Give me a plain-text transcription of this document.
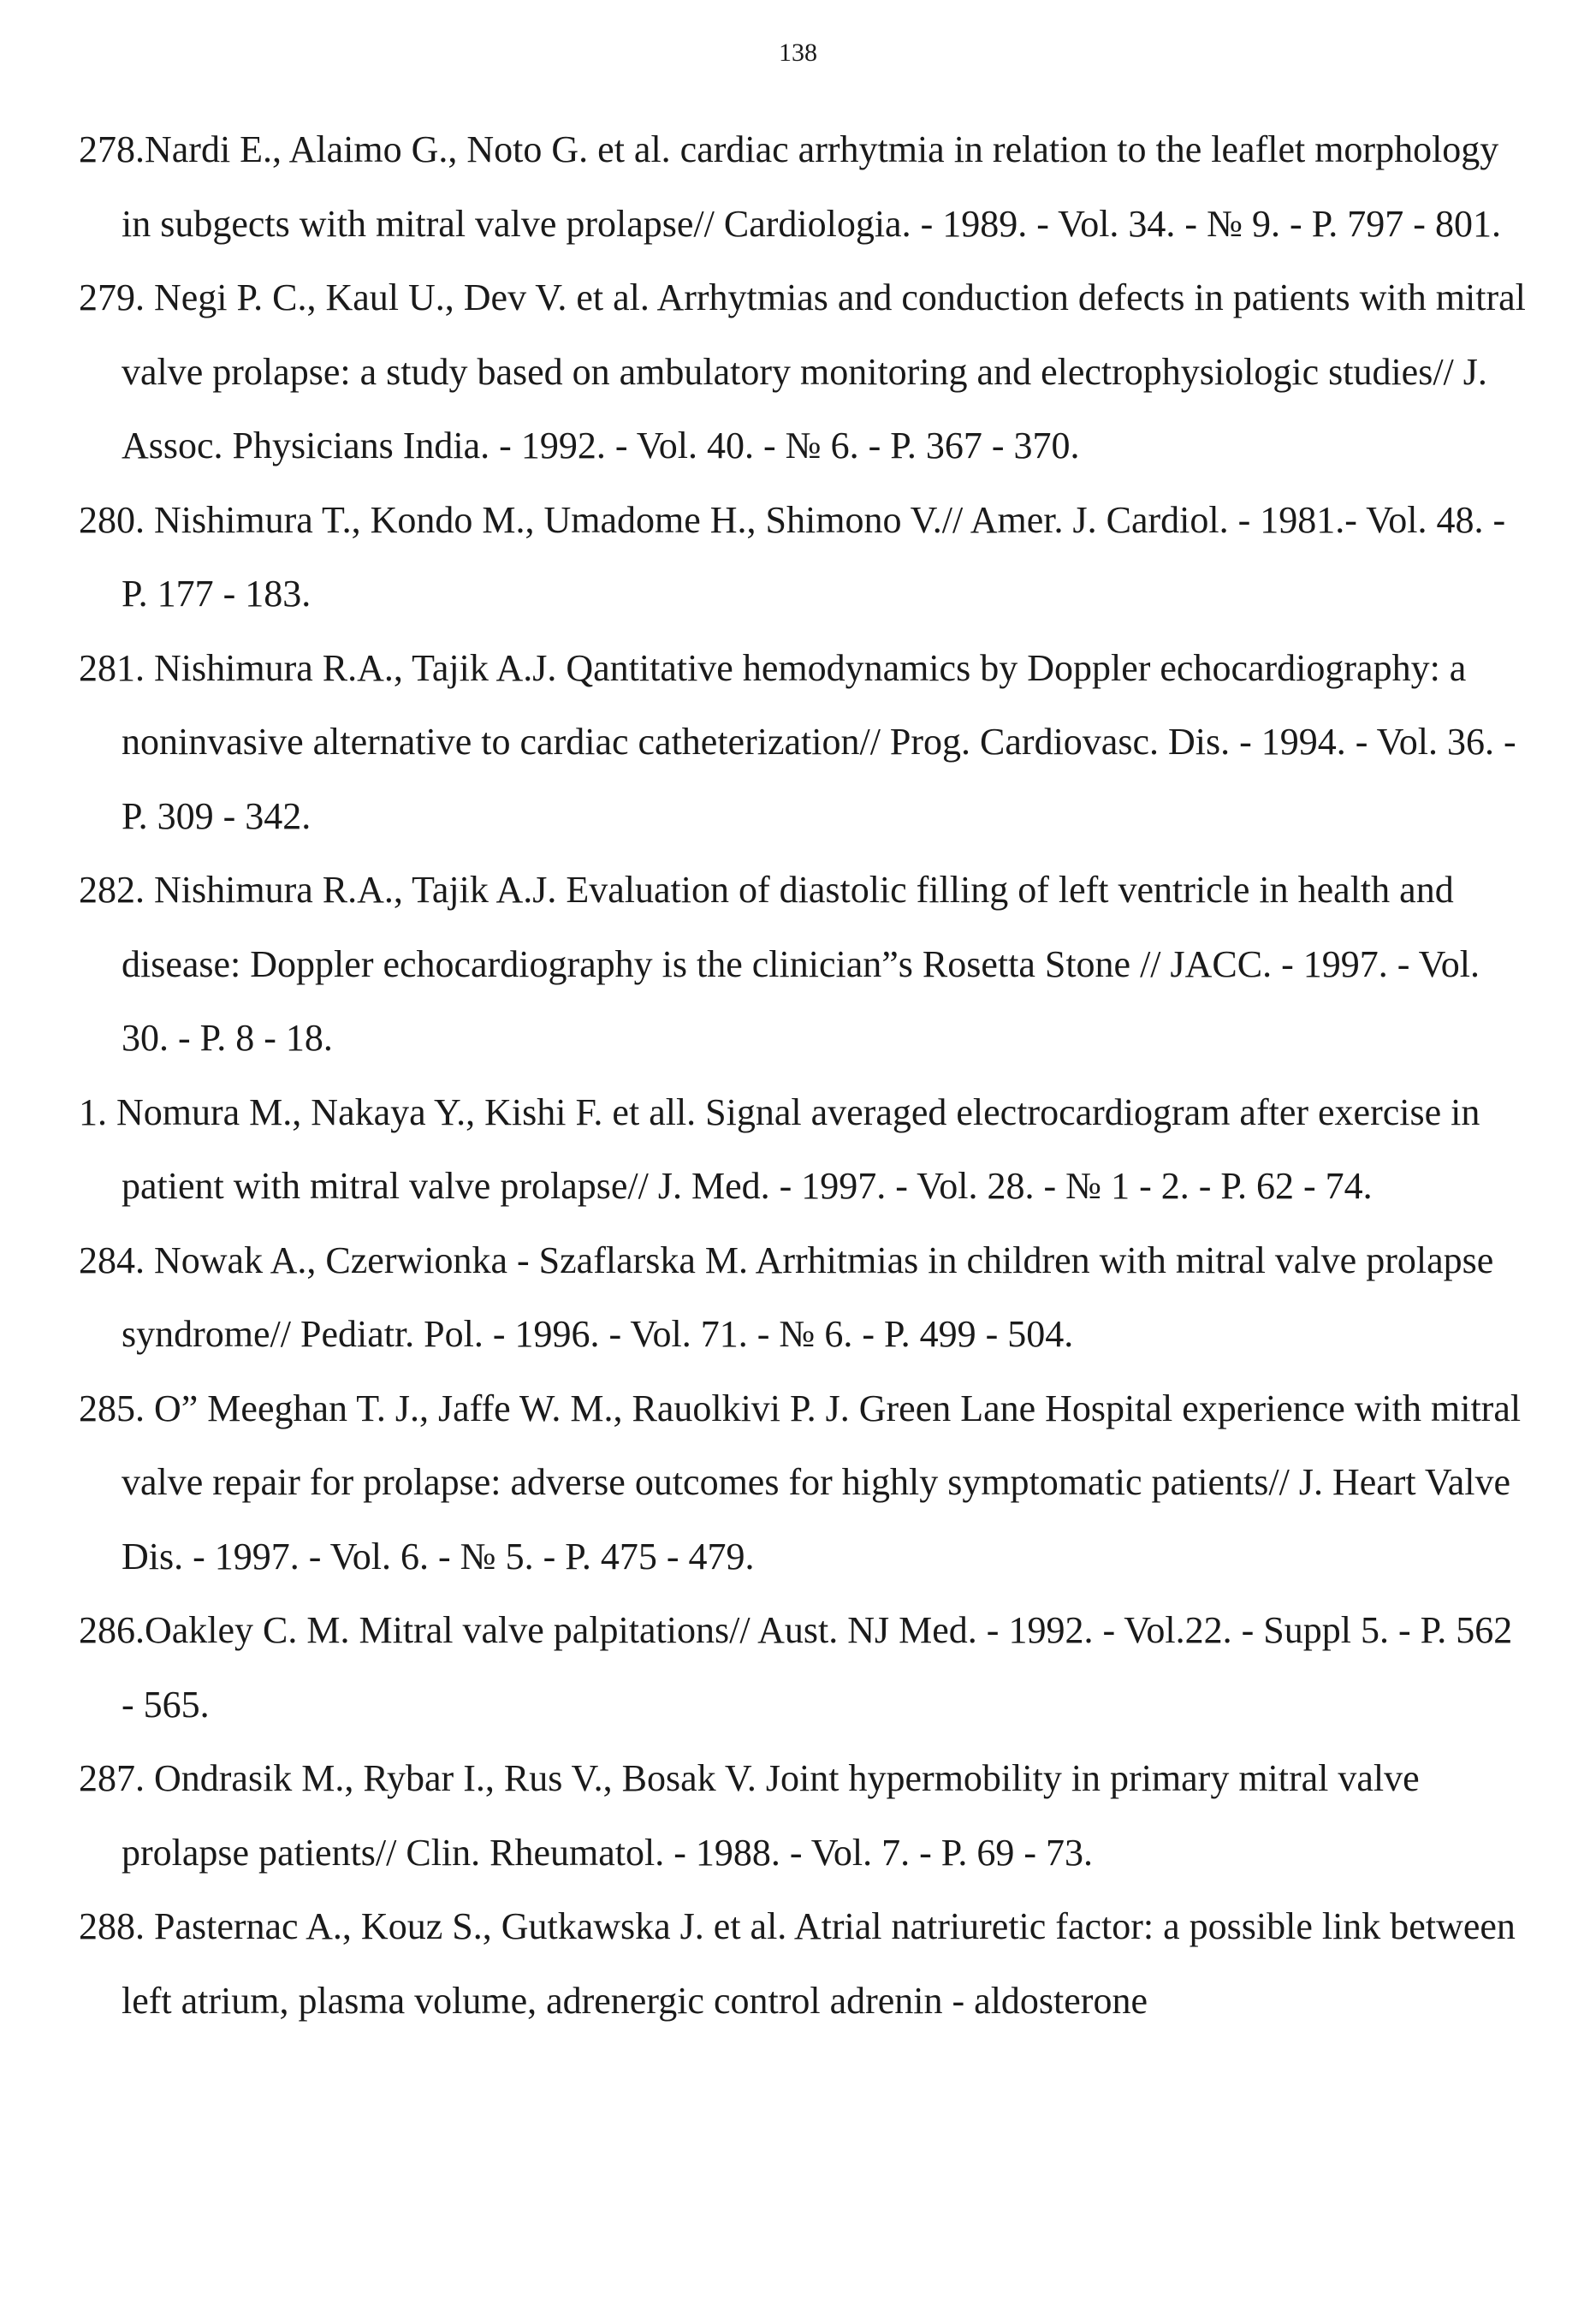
138
278.Nardi E., Alaimo G., Noto G. et al. cardiac arrhytmia in relation to the leaflet morphology in subgects with mitral valve prolapse// Cardiologia. - 1989. - Vol. 34. - № 9. - P. 797 - 801.
279. Negi P. C., Kaul U., Dev V. et al. Arrhytmias and conduction defects in patients with mitral valve prolapse: a study based on ambulatory monitoring and electrophysiologic studies// J. Assoc. Physicians India. - 1992. - Vol. 40. - № 6. - P. 367 - 370.
280. Nishimura T., Kondo M., Umadome H., Shimono V.// Amer. J. Cardiol. - 1981.- Vol. 48. - P. 177 - 183.
281. Nishimura R.A., Tajik A.J. Qantitative hemodynamics by Doppler echocardiography: a noninvasive alternative to cardiac catheterization// Prog. Cardiovasc. Dis. - 1994. - Vol. 36. - P. 309 - 342.
282. Nishimura R.A., Tajik A.J. Evaluation of diastolic filling of left ventricle in health and disease: Doppler echocardiography is the clinician”s Rosetta Stone // JACC. - 1997. - Vol. 30. - P. 8 - 18.
1. Nomura M., Nakaya Y., Kishi F. et all. Signal averaged electrocardiogram after exercise in patient with mitral valve prolapse// J. Med. - 1997. - Vol. 28. - № 1 - 2. - P. 62 - 74.
284. Nowak A., Czerwionka - Szaflarska M. Arrhitmias in children with mitral valve prolapse syndrome// Pediatr. Pol. - 1996. - Vol. 71. - № 6. - P. 499 - 504.
285. O” Meeghan T. J., Jaffe W. M., Rauolkivi P. J. Green Lane Hospital experience with mitral valve repair for prolapse: adverse outcomes for highly symptomatic patients// J. Heart Valve Dis. - 1997. - Vol. 6. - № 5. - P. 475 - 479.
286.Oakley C. M. Mitral valve palpitations// Aust. NJ Med. - 1992. - Vol.22. - Suppl 5. - P. 562 - 565.
287. Ondrasik M., Rybar I., Rus V., Bosak V. Joint hypermobility in primary mitral valve prolapse patients// Clin. Rheumatol. - 1988. - Vol. 7. - P. 69 - 73.
288. Pasternac A., Kouz S., Gutkawska J. et al. Atrial natriuretic factor: a possible link between left atrium, plasma volume, adrenergic control adrenin - aldosterone
